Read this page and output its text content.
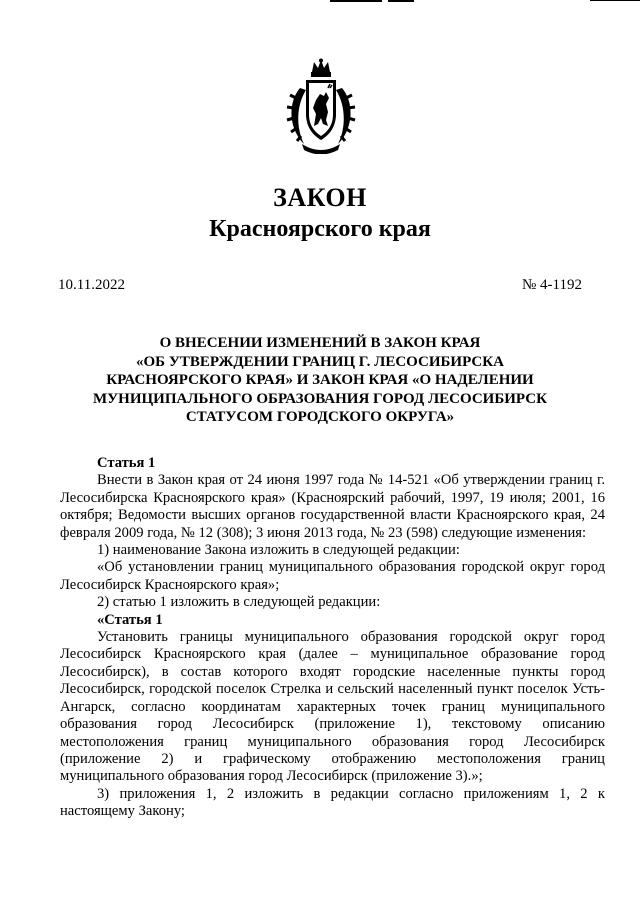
ЗАКОН
Красноярского края
10.11.2022	№ 4-1192
О ВНЕСЕНИИ ИЗМЕНЕНИЙ В ЗАКОН КРАЯ
«ОБ УТВЕРЖДЕНИИ ГРАНИЦ Г. ЛЕСОСИБИРСКА
КРАСНОЯРСКОГО КРАЯ» И ЗАКОН КРАЯ «О НАДЕЛЕНИИ
МУНИЦИПАЛЬНОГО ОБРАЗОВАНИЯ ГОРОД ЛЕСОСИБИРСК
СТАТУСОМ ГОРОДСКОГО ОКРУГА»

Статья 1

Внести в Закон края от 24 июня 1997 года № 14-521 «Об утверждении границ г. Лесосибирска Красноярского края» (Красноярский рабочий, 1997, 19 июля; 2001, 16 октября; Ведомости высших органов государственной власти Красноярского края, 24 февраля 2009 года, № 12 (308); 3 июня 2013 года, № 23 (598) следующие изменения:

1) наименование Закона изложить в следующей редакции:

«Об установлении границ муниципального образования городской округ город Лесосибирск Красноярского края»;

2) статью 1 изложить в следующей редакции:

«Статья 1

Установить границы муниципального образования городской округ город Лесосибирск Красноярского края (далее – муниципальное образование город Лесосибирск), в состав которого входят городские населенные пункты город Лесосибирск, городской поселок Стрелка и сельский населенный пункт поселок Усть-Ангарск, согласно координатам характерных точек границ муниципального образования город Лесосибирск (приложение 1), текстовому описанию местоположения границ муниципального образования город Лесосибирск (приложение 2) и графическому отображению местоположения границ муниципального образования город Лесосибирск (приложение 3).»;

3) приложения 1, 2 изложить в редакции согласно приложениям 1, 2 к настоящему Закону;
